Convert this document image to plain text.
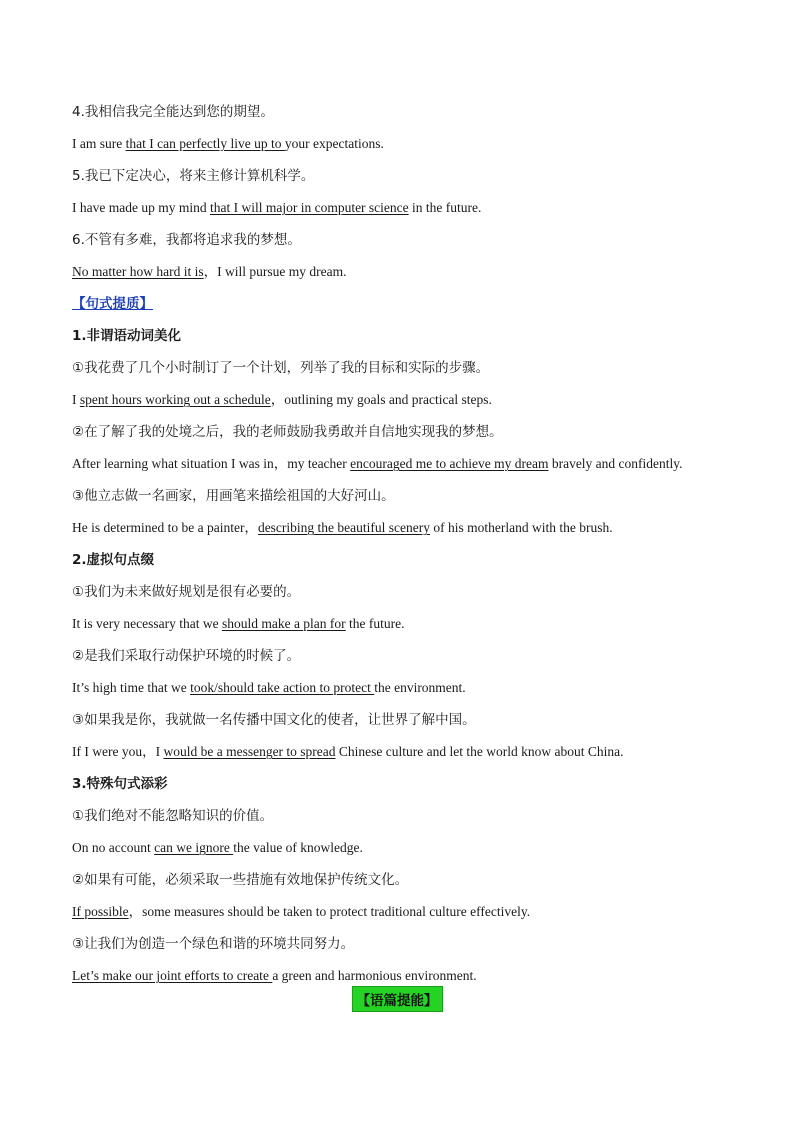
4.我相信我完全能达到您的期望。
I am sure that I can perfectly live up to your expectations.
5.我已下定决心，将来主修计算机科学。
I have made up my mind that I will major in computer science in the future.
6.不管有多难，我都将追求我的梦想。
No matter how hard it is，I will pursue my dream.
【句式提质】
1.非谓语动词美化
①我花费了几个小时制订了一个计划，列举了我的目标和实际的步骤。
I spent hours working out a schedule，outlining my goals and practical steps.
②在了解了我的处境之后，我的老师鼓励我勇敢并自信地实现我的梦想。
After learning what situation I was in，my teacher encouraged me to achieve my dream bravely and confidently.
③他立志做一名画家，用画笔来描绘祖国的大好河山。
He is determined to be a painter，describing the beautiful scenery of his motherland with the brush.
2.虚拟句点缀
①我们为未来做好规划是很有必要的。
It is very necessary that we should make a plan for the future.
②是我们采取行动保护环境的时候了。
It’s high time that we took/should take action to protect the environment.
③如果我是你，我就做一名传播中国文化的使者，让世界了解中国。
If I were you，I would be a messenger to spread Chinese culture and let the world know about China.
3.特殊句式添彩
①我们绝对不能忽略知识的价值。
On no account can we ignore the value of knowledge.
②如果有可能，必须采取一些措施有效地保护传统文化。
If possible，some measures should be taken to protect traditional culture effectively.
③让我们为创造一个绿色和谐的环境共同努力。
Let’s make our joint efforts to create a green and harmonious environment.
【语篇提能】
